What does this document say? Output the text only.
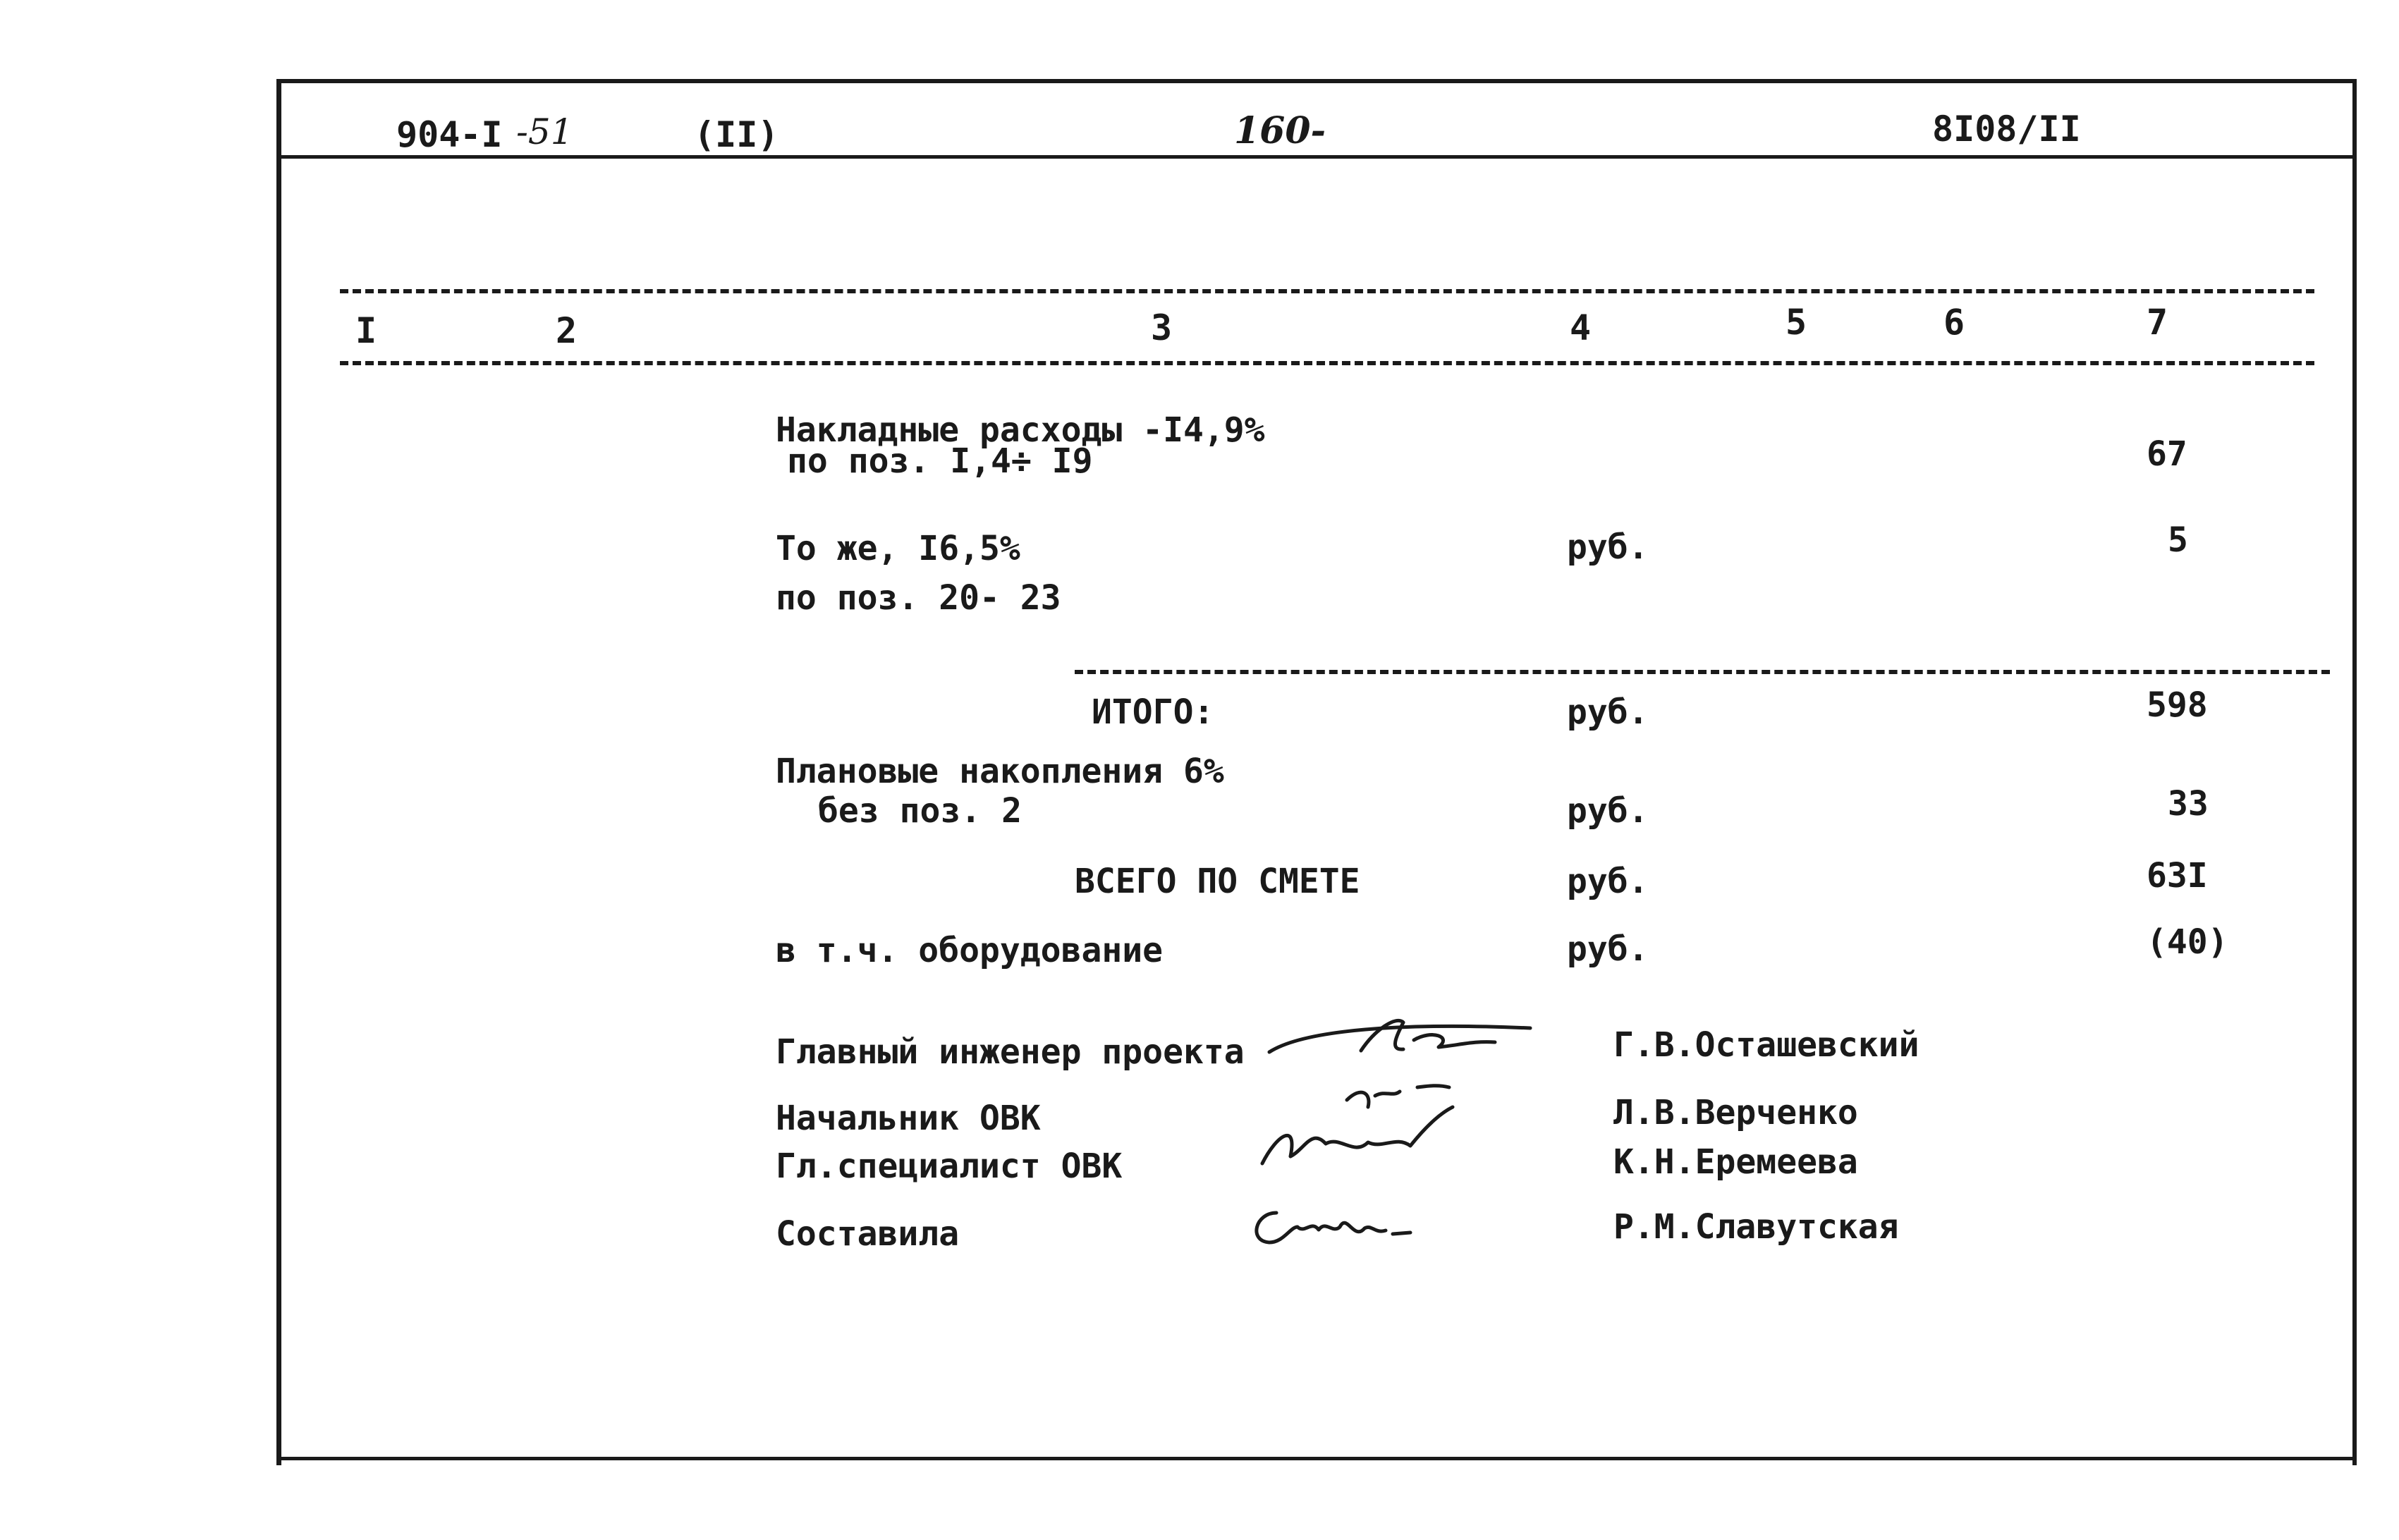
904-I -51	(II)	160-	8I08/II
I	2	3	4	5	6	7
Накладные расходы -I4,9%
по поз. I,4÷ I9	67
То же, I6,5%
по поз. 20- 23
руб.	5
ИТОГО:	руб.	598
Плановые накопления 6%
без поз. 2	руб.	33
ВСЕГО ПО СМЕТЕ	руб.	63I
в т.ч. оборудование	руб.	(40)
Главный инженер проекта	Г.В.Осташевский
Начальник ОВК	Л.В.Верченко
Гл.специалист ОВК	К.Н.Еремеева
Составила	Р.М.Славутская
